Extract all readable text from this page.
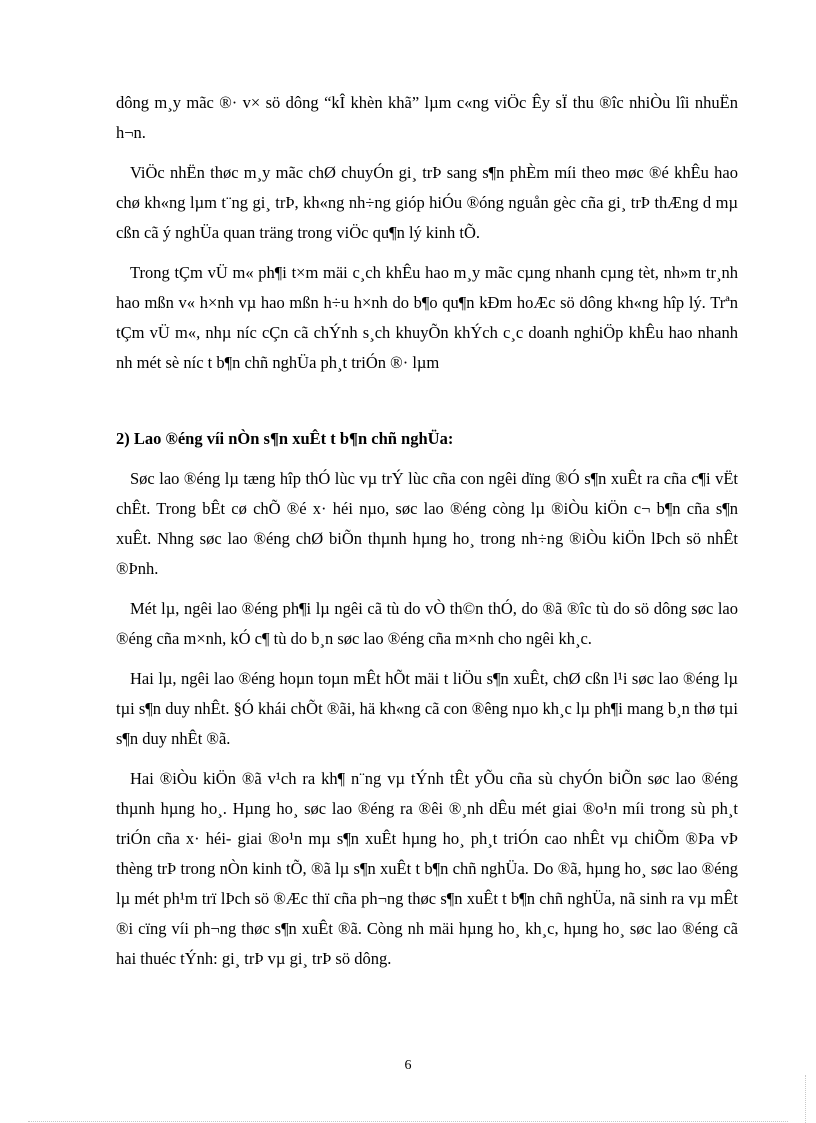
dông m¸y mãc ®· v× sö dông “kÎ khèn khã” lµm c«ng viÖc Êy sÏ thu ®îc nhiÒu lîi nhuËn h¬n.

ViÖc nhËn thøc m¸y mãc chØ chuyÓn gi¸ trÞ sang s¶n phÈm míi theo møc ®é khÊu hao chø kh«ng lµm t¨ng gi¸ trÞ, kh«ng nh÷ng gióp hiÓu ®óng nguån gèc cña gi¸ trÞ thÆng d mµ cßn cã ý nghÜa quan träng trong viÖc qu¶n lý kinh tÕ.

Trong tÇm vÜ m« ph¶i t×m mäi c¸ch khÊu hao m¸y mãc cµng nhanh cµng tèt, nh»m tr¸nh hao mßn v« h×nh vµ hao mßn h÷u h×nh do b¶o qu¶n kÐm hoÆc sö dông kh«ng hîp lý. Trªn tÇm vÜ m«, nhµ níc cÇn cã chÝnh s¸ch khuyÕn khÝch c¸c doanh nghiÖp khÊu hao nhanh nh mét sè níc t b¶n chñ nghÜa ph¸t triÓn ®· lµm

2) Lao ®éng víi nÒn s¶n xuÊt t b¶n chñ nghÜa:

Søc lao ®éng lµ tæng hîp thÓ lùc vµ trÝ lùc cña con ngêi dïng ®Ó s¶n xuÊt ra cña c¶i vËt chÊt. Trong bÊt cø chÕ ®é x· héi nµo, søc lao ®éng còng lµ ®iÒu kiÖn c¬ b¶n cña s¶n xuÊt. Nhng søc lao ®éng chØ biÕn thµnh hµng ho¸ trong nh÷ng ®iÒu kiÖn lÞch sö nhÊt ®Þnh.

Mét lµ, ngêi lao ®éng ph¶i lµ ngêi cã tù do vÒ th©n thÓ, do ®ã ®îc tù do sö dông søc lao ®éng cña m×nh, kÓ c¶ tù do b¸n søc lao ®éng cña m×nh cho ngêi kh¸c.

Hai lµ, ngêi lao ®éng hoµn toµn mÊt hÕt mäi t liÖu s¶n xuÊt, chØ cßn l¹i søc lao ®éng lµ tµi s¶n duy nhÊt. §Ó khái chÕt ®ãi, hä kh«ng cã con ®êng nµo kh¸c lµ ph¶i mang b¸n thø tµi s¶n duy nhÊt ®ã.

Hai ®iÒu kiÖn ®ã v¹ch ra kh¶ n¨ng vµ tÝnh tÊt yÕu cña sù chyÓn biÕn søc lao ®éng thµnh hµng ho¸. Hµng ho¸ søc lao ®éng ra ®êi ®¸nh dÊu mét giai ®o¹n míi trong sù ph¸t triÓn cña x· héi- giai ®o¹n mµ s¶n xuÊt hµng ho¸ ph¸t triÓn cao nhÊt vµ chiÕm ®Þa vÞ thèng trÞ trong nÒn kinh tÕ, ®ã lµ s¶n xuÊt t b¶n chñ nghÜa. Do ®ã, hµng ho¸ søc lao ®éng lµ mét ph¹m trï lÞch sö ®Æc thï cña ph¬ng thøc s¶n xuÊt t b¶n chñ nghÜa, nã sinh ra vµ mÊt ®i cïng víi ph¬ng thøc s¶n xuÊt ®ã. Còng nh mäi hµng ho¸ kh¸c, hµng ho¸ søc lao ®éng cã hai thuéc tÝnh: gi¸ trÞ vµ gi¸ trÞ sö dông.

6
